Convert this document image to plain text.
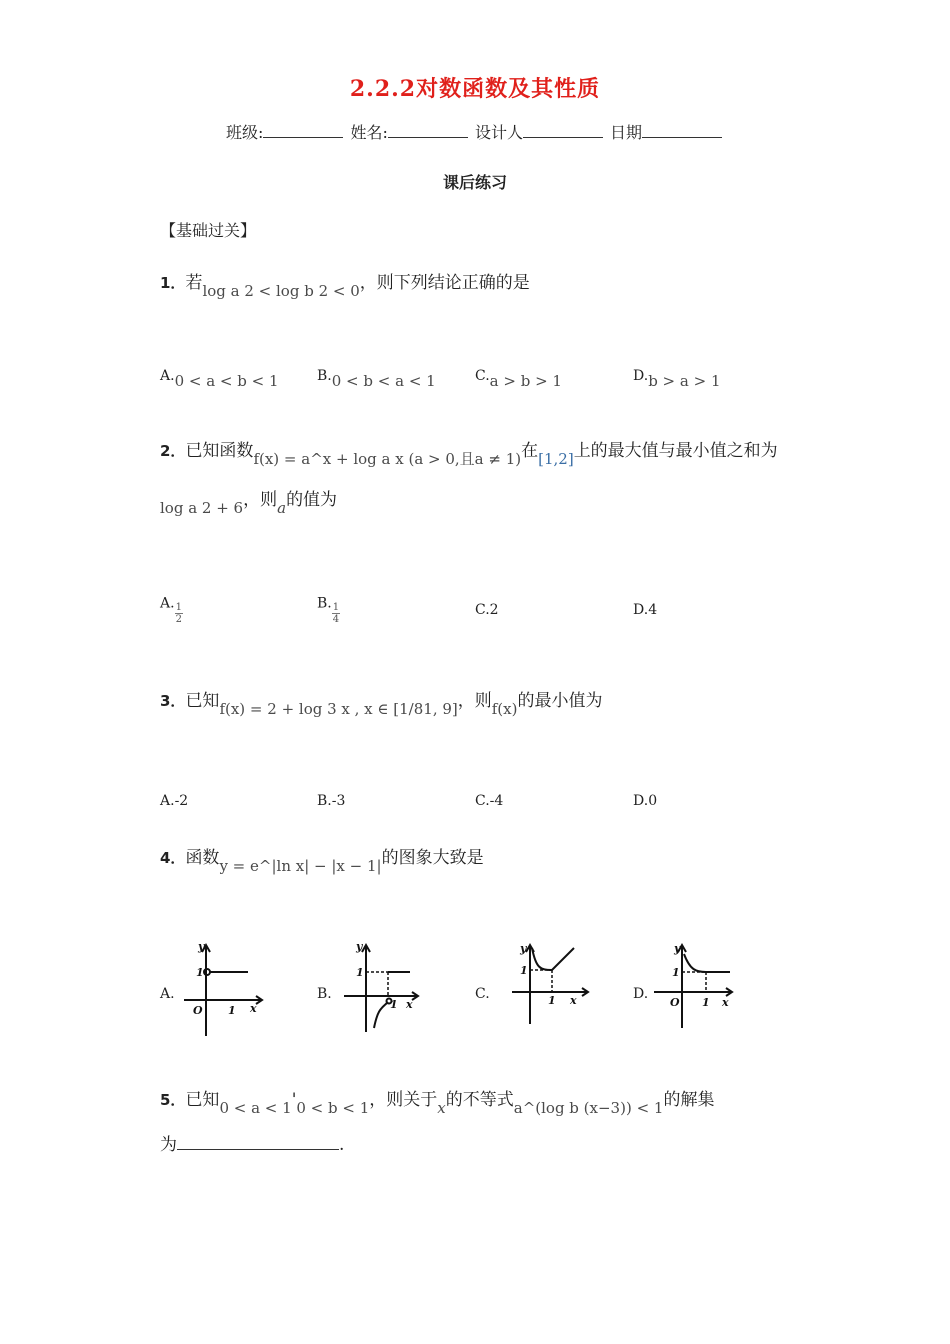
2.2.2对数函数及其性质
班级:	姓名:	设计人	日期
课后练习
【基础过关】
1．若log a 2 < log b 2 < 0，则下列结论正确的是
A.0 < a < b < 1	B.0 < b < a < 1	C.a > b > 1	D.b > a > 1
2．已知函数f(x) = a^x + log a x (a > 0,且a ≠ 1)在[1,2]上的最大值与最小值之和为
log a 2 + 6，则a的值为
A. $\frac{1}{2}$	B. $\frac{1}{4}$	C.2	D.4
3．已知f(x) = 2 + log 3 x , x ∈ [1/81, 9]，则f(x)的最小值为
A.-2	B.-3	C.-4	D.0
4．函数y = e^|ln x| − |x − 1|的图象大致是
A.	B.	C.	D.
y
x
O
1
1
y
x
1
1
y
x
1
1
y
x
O
1
1
5．已知0 < a < 1'0 < b < 1，则关于x的不等式a^(log b (x−3)) < 1的解集
为	.
